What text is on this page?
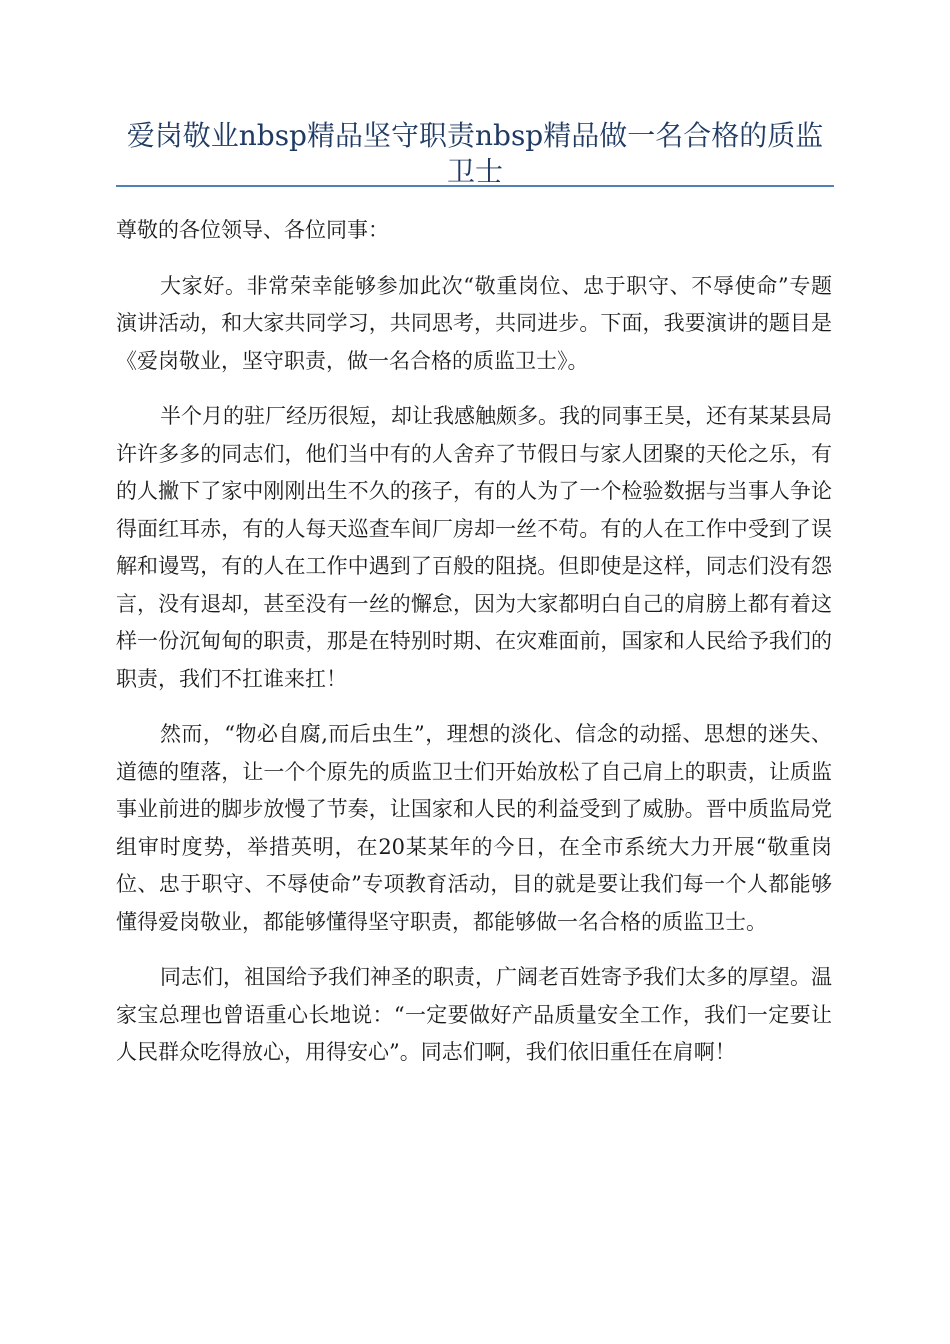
爱岗敬业nbsp精品坚守职责nbsp精品做一名合格的质监卫士

尊敬的各位领导、各位同事：

大家好。非常荣幸能够参加此次“敬重岗位、忠于职守、不辱使命”专题演讲活动，和大家共同学习，共同思考，共同进步。下面，我要演讲的题目是《爱岗敬业，坚守职责，做一名合格的质监卫士》。

半个月的驻厂经历很短，却让我感触颇多。我的同事王昊，还有某某县局许许多多的同志们，他们当中有的人舍弃了节假日与家人团聚的天伦之乐，有的人撇下了家中刚刚出生不久的孩子，有的人为了一个检验数据与当事人争论得面红耳赤，有的人每天巡查车间厂房却一丝不苟。有的人在工作中受到了误解和谩骂，有的人在工作中遇到了百般的阻挠。但即使是这样，同志们没有怨言，没有退却，甚至没有一丝的懈怠，因为大家都明白自己的肩膀上都有着这样一份沉甸甸的职责，那是在特别时期、在灾难面前，国家和人民给予我们的职责，我们不扛谁来扛！

然而，“物必自腐,而后虫生”，理想的淡化、信念的动摇、思想的迷失、道德的堕落，让一个个原先的质监卫士们开始放松了自己肩上的职责，让质监事业前进的脚步放慢了节奏，让国家和人民的利益受到了威胁。晋中质监局党组审时度势，举措英明，在20某某年的今日，在全市系统大力开展“敬重岗位、忠于职守、不辱使命”专项教育活动，目的就是要让我们每一个人都能够懂得爱岗敬业，都能够懂得坚守职责，都能够做一名合格的质监卫士。

同志们，祖国给予我们神圣的职责，广阔老百姓寄予我们太多的厚望。温家宝总理也曾语重心长地说：“一定要做好产品质量安全工作，我们一定要让人民群众吃得放心，用得安心”。同志们啊，我们依旧重任在肩啊！
